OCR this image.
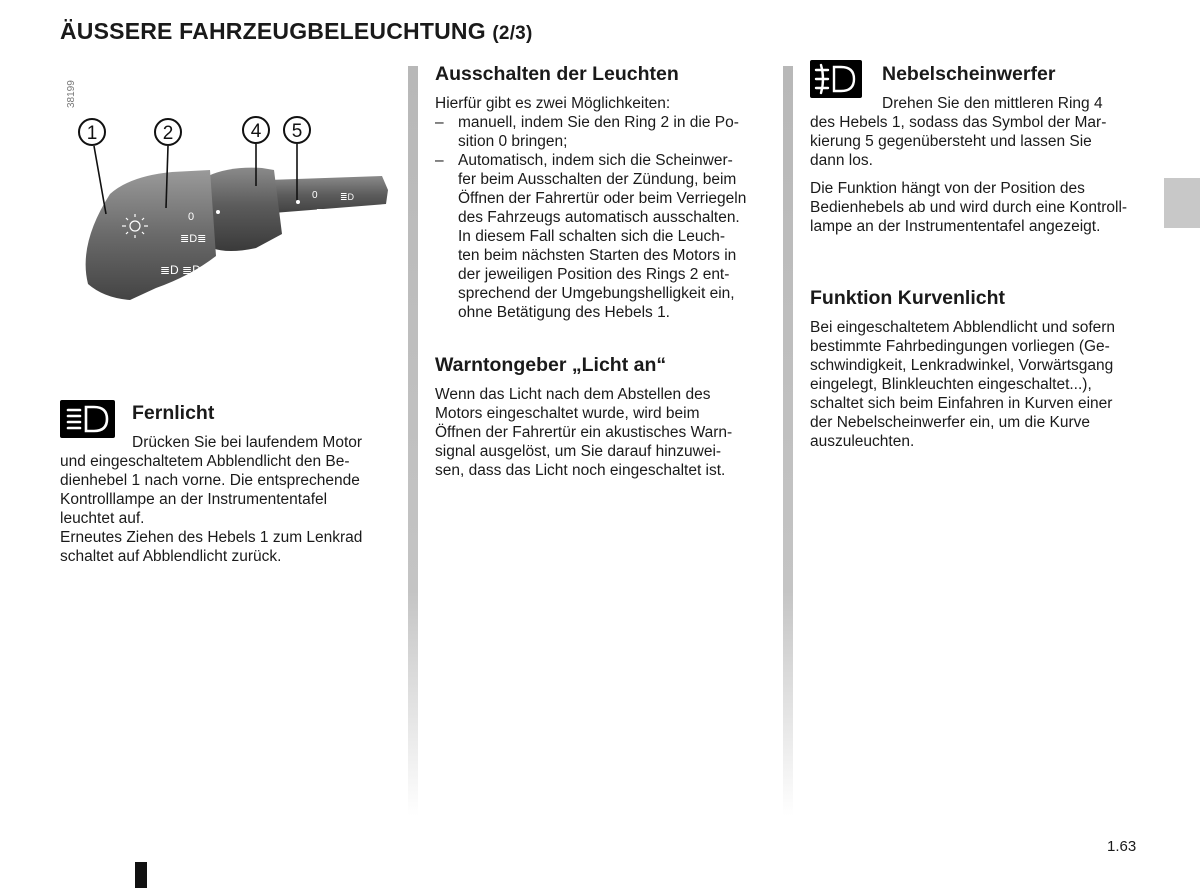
ÄUSSERE FAHRZEUGBELEUCHTUNG (2/3)
38199
0
≣D≣
≣D ≣D
AUTO
0 ≣D
≣D
◇◇
0≢
1	2	4 5
Fernlicht

Drücken Sie bei laufendem Motor

und eingeschaltetem Abblendlicht den Be-

dienhebel 1 nach vorne. Die entsprechende

Kontrolllampe an der Instrumententafel

leuchtet auf.

Erneutes Ziehen des Hebels 1 zum Lenkrad

schaltet auf Abblendlicht zurück.

Ausschalten der Leuchten

Hierfür gibt es zwei Möglichkeiten:

– manuell, indem Sie den Ring 2 in die Po-

sition 0 bringen;

– Automatisch, indem sich die Scheinwer-

fer beim Ausschalten der Zündung, beim

Öffnen der Fahrertür oder beim Verriegeln

des Fahrzeugs automatisch ausschalten.

In diesem Fall schalten sich die Leuch-

ten beim nächsten Starten des Motors in

der jeweiligen Position des Rings 2 ent-

sprechend der Umgebungshelligkeit ein,

ohne Betätigung des Hebels 1.

Warntongeber „Licht an“

Wenn das Licht nach dem Abstellen des

Motors eingeschaltet wurde, wird beim

Öffnen der Fahrertür ein akustisches Warn-

signal ausgelöst, um Sie darauf hinzuwei-

sen, dass das Licht noch eingeschaltet ist.

Nebelscheinwerfer

Drehen Sie den mittleren Ring 4

des Hebels 1, sodass das Symbol der Mar-

kierung 5 gegenübersteht und lassen Sie

dann los.

Die Funktion hängt von der Position des

Bedienhebels ab und wird durch eine Kontroll-

lampe an der Instrumententafel angezeigt.

Funktion Kurvenlicht

Bei eingeschaltetem Abblendlicht und sofern

bestimmte Fahrbedingungen vorliegen (Ge-

schwindigkeit, Lenkradwinkel, Vorwärtsgang

eingelegt, Blinkleuchten eingeschaltet...),

schaltet sich beim Einfahren in Kurven einer

der Nebelscheinwerfer ein, um die Kurve

auszuleuchten.

1.63
